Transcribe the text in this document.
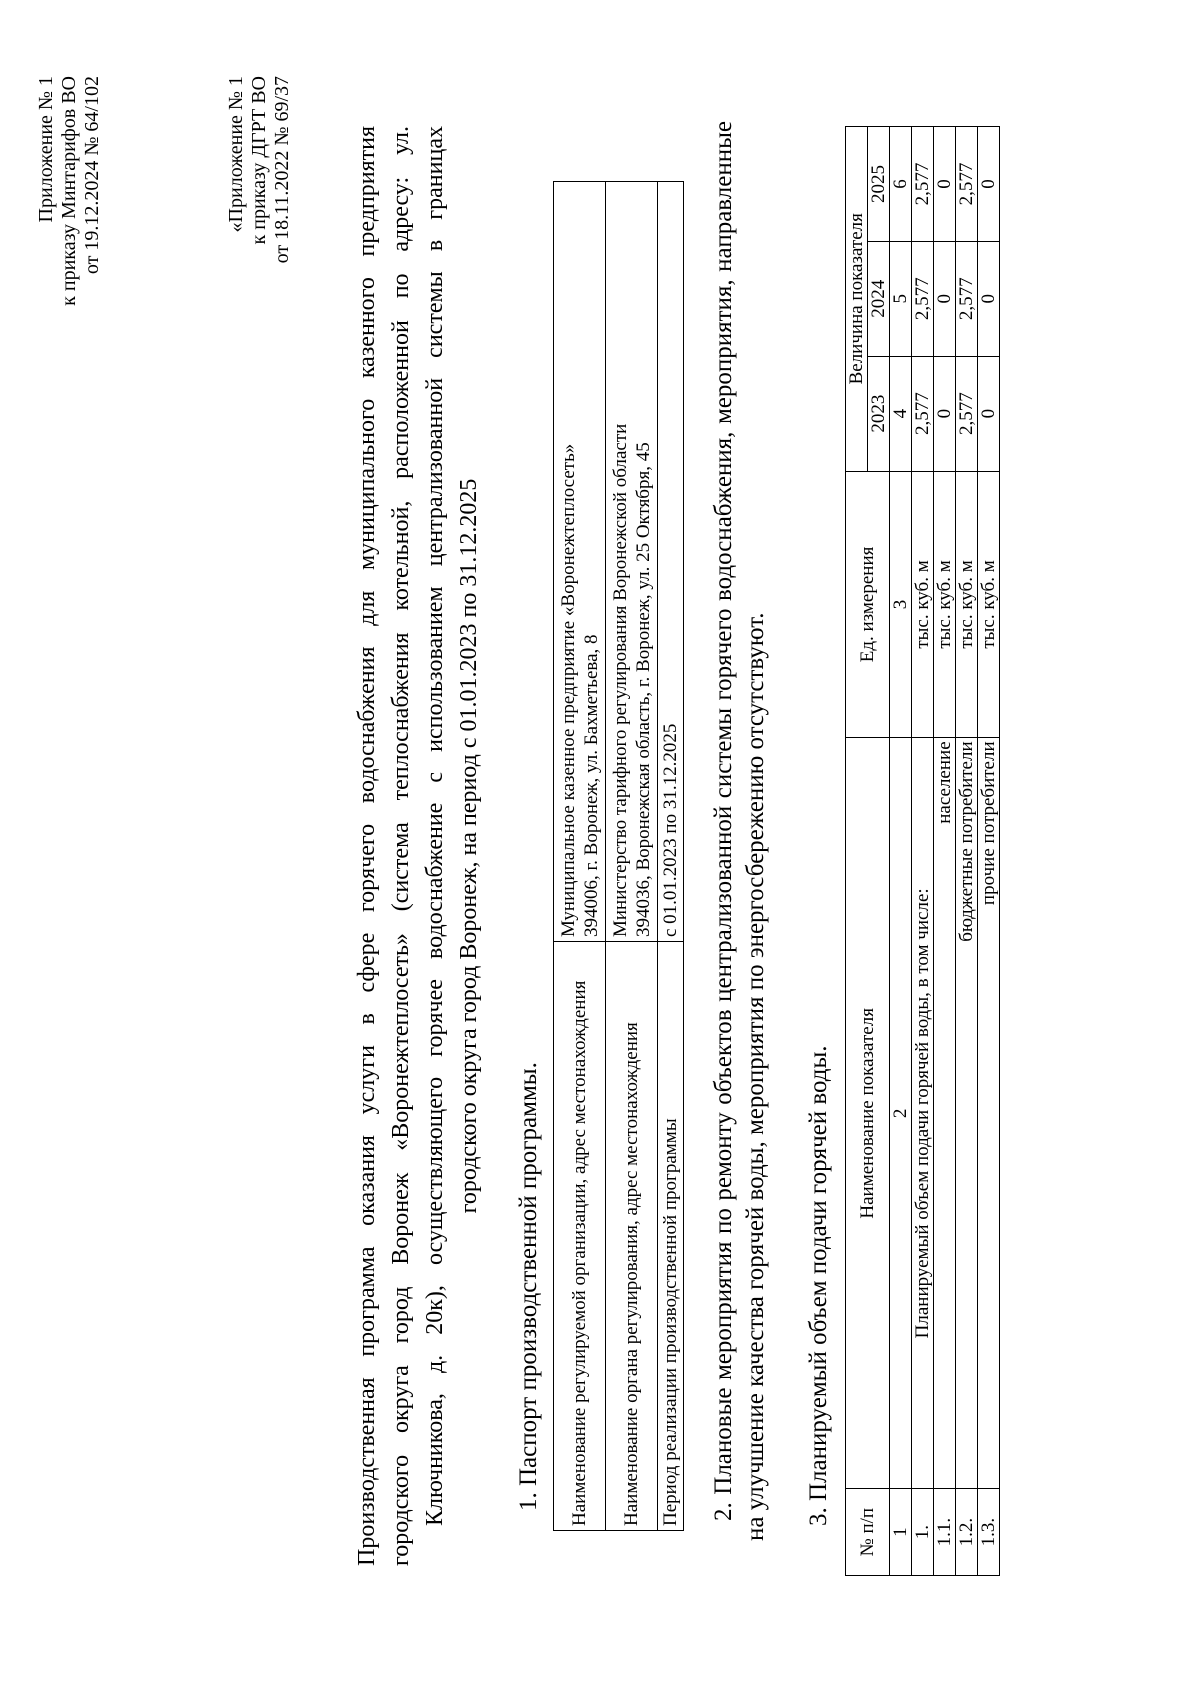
Приложение № 1 к приказу Минтарифов ВО от 19.12.2024 № 64/102	«Приложение № 1 к приказу ДГРТ ВО от 18.11.2022 № 69/37	Производственная программа оказания услуги в сфере горячего водоснабжения для муниципального казенного предприятия городского округа город Воронеж «Воронежтеплосеть» (система теплоснабжения котельной, расположенной по адресу: ул. Ключникова, д. 20к), осуществляющего горячее водоснабжение с использованием централизованной системы в границах городского округа город Воронеж, на период с 01.01.2023 по 31.12.2025
1. Паспорт производственной программы. Наименование регулируемой организации, адрес местонахождения	Муниципальное казенное предприятие «Воронежтеплосеть» 394006, г. Воронеж, ул. Бахметьева, 8

Наименование органа регулирования, адрес местонахождения	Министерство тарифного регулирования Воронежской области 394036, Воронежская область, г. Воронеж, ул. 25 Октября, 45

Период реализации производственной программы	с 01.01.2023 по 31.12.2025 2. Плановые мероприятия по ремонту объектов централизованной системы горячего водоснабжения, мероприятия, направленные на улучшение качества горячей воды, мероприятия по энергосбережению отсутствуют. 3. Планируемый объем подачи горячей воды.
№ п/п	Наименование показателя	Ед. измерения	Величина показателя		
			2023	2024	2025
1	2	3	4	5	6
1.	Планируемый объем подачи горячей воды, в том числе:	тыс. куб. м	2,577	2,577	2,577
1.1.	население	тыс. куб. м	0	0	0
1.2.	бюджетные потребители	тыс. куб. м	2,577	2,577	2,577
1.3.	прочие потребители	тыс. куб. м	0	0	0
